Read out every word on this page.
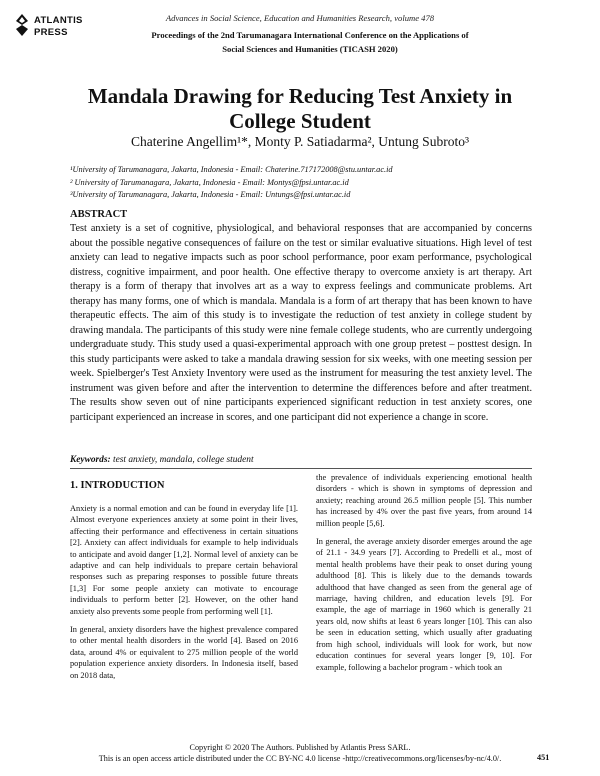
ATLANTIS
PRESS
Advances in Social Science, Education and Humanities Research, volume 478
Proceedings of the 2nd Tarumanagara International Conference on the Applications of
Social Sciences and Humanities (TICASH 2020)
Mandala Drawing for Reducing Test Anxiety in
College Student
Chaterine Angellim¹*, Monty P. Satiadarma², Untung Subroto³
¹University of Tarumanagara, Jakarta, Indonesia - Email: Chaterine.717172008@stu.untar.ac.id
² University of Tarumanagara, Jakarta, Indonesia - Email: Montys@fpsi.untar.ac.id
³University of Tarumanagara, Jakarta, Indonesia - Email: Untungs@fpsi.untar.ac.id
ABSTRACT
Test anxiety is a set of cognitive, physiological, and behavioral responses that are accompanied by concerns about the possible negative consequences of failure on the test or similar evaluative situations. High level of test anxiety can lead to negative impacts such as poor school performance, poor exam performance, psychological distress, cognitive impairment, and poor health. One effective therapy to overcome anxiety is art therapy. Art therapy is a form of therapy that involves art as a way to express feelings and communicate problems. Art therapy has many forms, one of which is mandala. Mandala is a form of art therapy that has been known to have therapeutic effects. The aim of this study is to investigate the reduction of test anxiety in college student by drawing mandala. The participants of this study were nine female college students, who are currently undergoing undergraduate study. This study used a quasi-experimental approach with one group pretest – posttest design. In this study participants were asked to take a mandala drawing session for six weeks, with one meeting session per week. Spielberger's Test Anxiety Inventory were used as the instrument for measuring the test anxiety level. The instrument was given before and after the intervention to determine the differences before and after treatment. The results show seven out of nine participants experienced significant reduction in test anxiety scores, one participant experienced an increase in scores, and one participant did not experience a change in score.
Keywords: test anxiety, mandala, college student
1. INTRODUCTION

Anxiety is a normal emotion and can be found in everyday life [1]. Almost everyone experiences anxiety at some point in their lives, affecting their performance and effectiveness in certain situations [2]. Anxiety can affect individuals for example to help individuals to anticipate and avoid danger [1,2]. Normal level of anxiety can be adaptive and can help individuals to prepare certain behavioral responses such as preparing responses to possible future threats [1,3] For some people anxiety can motivate to encourage individuals to perform better [2]. However, on the other hand anxiety also prevents some people from performing well [1].

In general, anxiety disorders have the highest prevalence compared to other mental health disorders in the world [4]. Based on 2016 data, around 4% or equivalent to 275 million people of the world population experience anxiety disorders. In Indonesia itself, based on 2018 data,

the prevalence of individuals experiencing emotional health disorders - which is shown in symptoms of depression and anxiety; reaching around 26.5 million people [5]. This number has increased by 4% over the past five years, from around 14 million people [5,6].

In general, the average anxiety disorder emerges around the age of 21.1 - 34.9 years [7]. According to Predelli et al., most of mental health problems have their peak to onset during young adulthood [8]. This is likely due to the demands towards adulthood that have changed as seen from the general age of marriage, having children, and education levels [9]. For example, the age of marriage in 1960 which is generally 21 years old, now shifts at least 6 years longer [10]. This can also be seen in education setting, which usually after graduating from high school, individuals will look for work, but now education continues for several years longer [9, 10]. For example, following a bachelor program - which took an

Copyright © 2020 The Authors. Published by Atlantis Press SARL.
This is an open access article distributed under the CC BY-NC 4.0 license -http://creativecommons.org/licenses/by-nc/4.0/.	451
